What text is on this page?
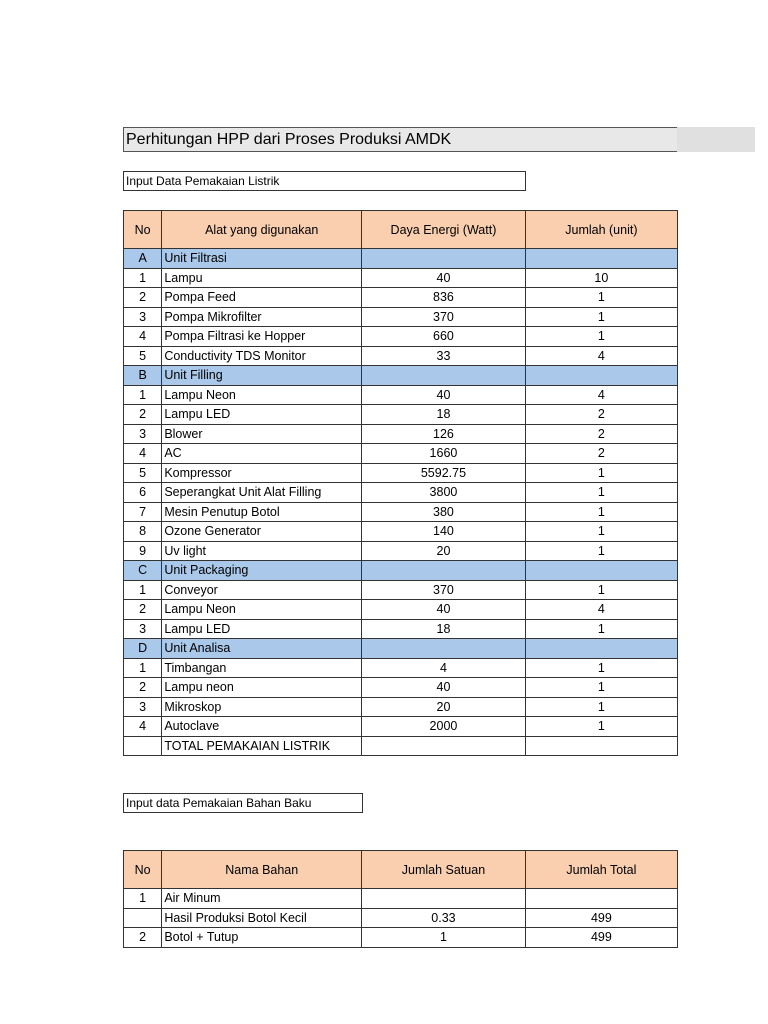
Perhitungan HPP dari Proses Produksi AMDK
Input Data Pemakaian Listrik
No	Alat yang digunakan	Daya Energi (Watt)	Jumlah (unit)
A	Unit Filtrasi		
1	Lampu	40	10
2	Pompa Feed	836	1
3	Pompa Mikrofilter	370	1
4	Pompa Filtrasi ke Hopper	660	1
5	Conductivity TDS Monitor	33	4
B	Unit Filling		
1	Lampu Neon	40	4
2	Lampu LED	18	2
3	Blower	126	2
4	AC	1660	2
5	Kompressor	5592.75	1
6	Seperangkat Unit Alat Filling	3800	1
7	Mesin Penutup Botol	380	1
8	Ozone Generator	140	1
9	Uv light	20	1
C	Unit Packaging		
1	Conveyor	370	1
2	Lampu Neon	40	4
3	Lampu LED	18	1
D	Unit Analisa		
1	Timbangan	4	1
2	Lampu neon	40	1
3	Mikroskop	20	1
4	Autoclave	2000	1
	TOTAL PEMAKAIAN LISTRIK		
Input data Pemakaian Bahan Baku
No	Nama Bahan	Jumlah Satuan	Jumlah Total
1	Air Minum		
	Hasil Produksi Botol Kecil	0.33	499
2	Botol + Tutup	1	499
